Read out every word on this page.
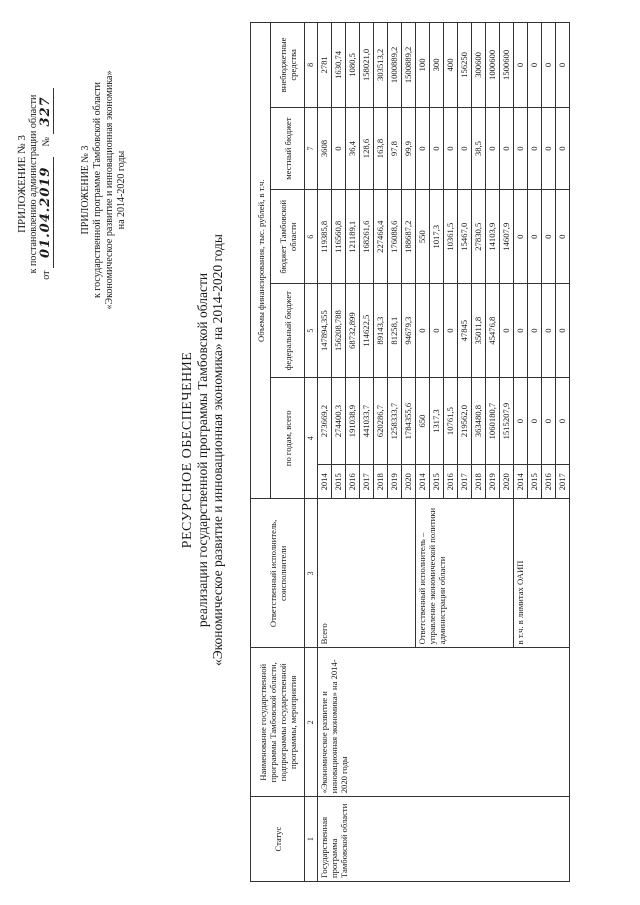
ПРИЛОЖЕНИЕ № 3 к постановлению администрации области
от 01.04.2019    № 327
ПРИЛОЖЕНИЕ № 3 к государственной программе Тамбовской области «Экономическое развитие и инновационная экономика» на 2014-2020 годы
РЕСУРСНОЕ ОБЕСПЕЧЕНИЕ реализации государственной программы Тамбовской области «Экономическое развитие и инновационная экономика» на 2014-2020 годы
Статус	Наименование государственной программы Тамбовской области, подпрограммы государственной программы, мероприятия	Ответственный исполнитель, соисполнители	Объемы финансирования, тыс. рублей, в т.ч.					
			по годам, всего		федеральный бюджет	бюджет Тамбовской области	местный бюджет	внебюджетные средства
1	2	3	4		5	6	7	8
Государственная программа Тамбовской области	«Экономическое развитие и инновационная экономика» на 2014-2020 годы	Всего	2014	273669,2	147894,355	119385,8	3608	2781
			2015	274400,3	156208,788	116560,8	0	1630,74
			2016	191038,9	68732,899	121189,1	36,4	1080,5
			2017	441033,7	114622,5	168261,6	128,6	158021,0
			2018	620286,7	89143,3	227466,4	163,8	303513,2
			2019	1258333,7	81258,1	176088,6	97,8	1000889,2
			2020	1784355,6	94679,3	188687,2	99,9	1500889,2
		Ответственный исполнитель – управление экономической политики администрации области	2014	650	0	550	0	100
			2015	1317,3	0	1017,3	0	300
			2016	10761,5	0	10361,5	0	400
			2017	219562,0	47845	15467,0	0	156250
			2018	363480,8	35011,8	27830,5	38,5	300600
			2019	1060180,7	45476,8	14103,9	0	1000600
			2020	1515207,9	0	14607,9	0	1500600
		в т.ч. в лимитах ОАИП	2014	0	0	0	0	0
			2015	0	0	0	0	0
			2016	0	0	0	0	0
			2017	0	0	0	0	0
